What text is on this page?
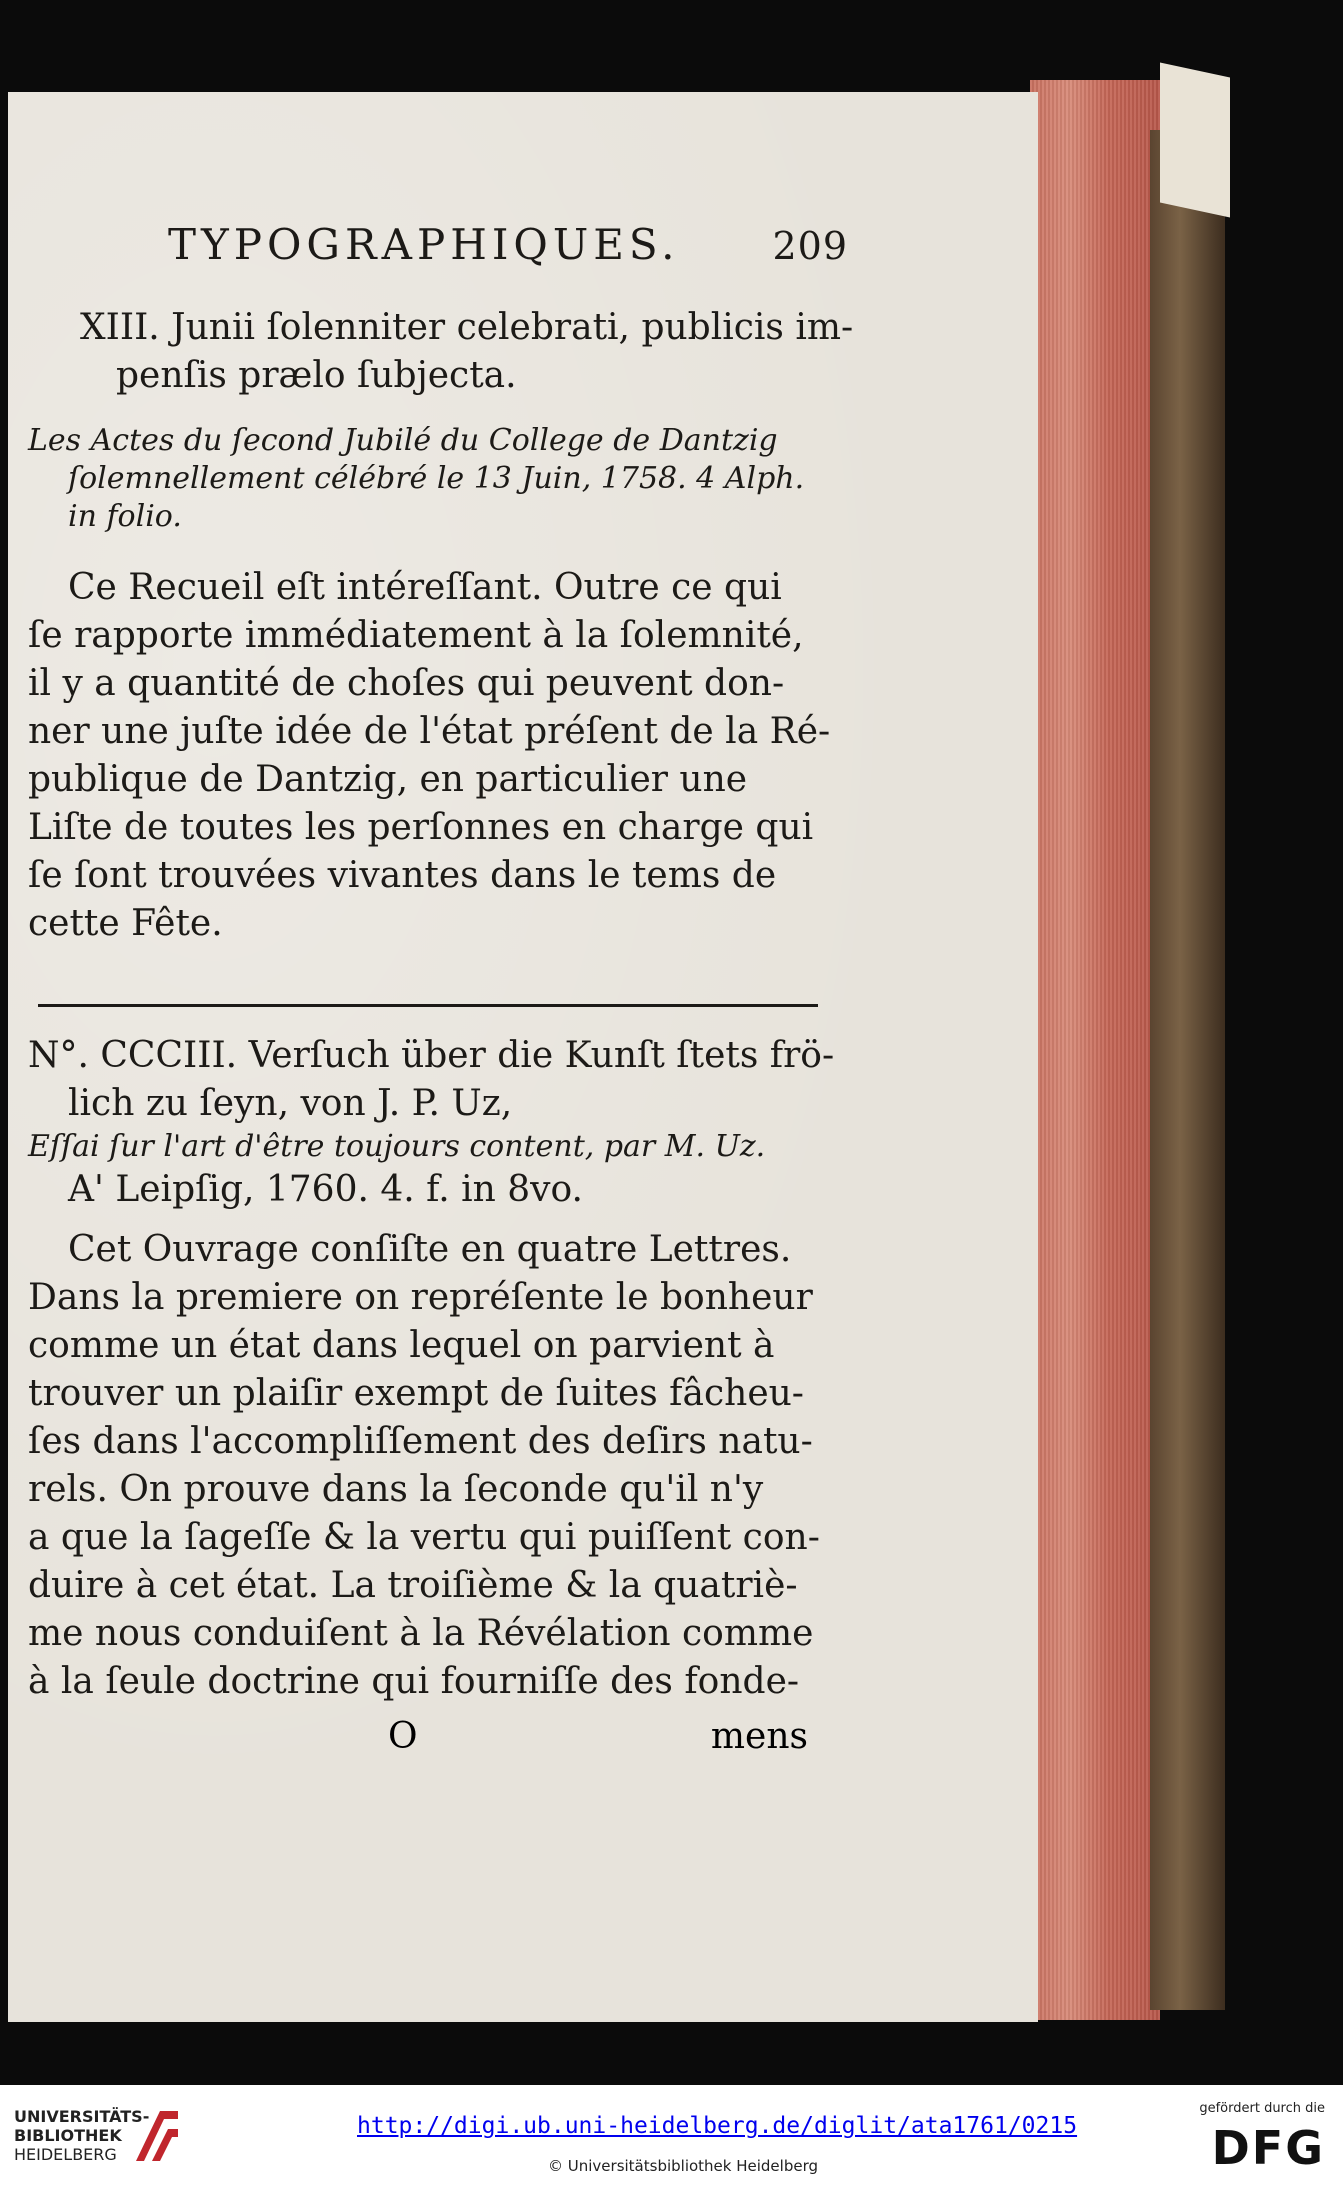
TYPOGRAPHIQUES. 209
XIII. Junii ſolenniter celebrati, publicis im-
penſis prælo ſubjecta.
Les Actes du ſecond Jubilé du College de Dantzig
ſolemnellement célébré le 13 Juin, 1758. 4 Alph.
in folio.
Ce Recueil eſt intéreſſant. Outre ce qui
ſe rapporte immédiatement à la ſolemnité,
il y a quantité de choſes qui peuvent don-
ner une juſte idée de l'état préſent de la Ré-
publique de Dantzig, en particulier une
Liſte de toutes les perſonnes en charge qui
ſe ſont trouvées vivantes dans le tems de
cette Fête.
N°. CCCIII. Verſuch über die Kunſt ſtets frö-
lich zu ſeyn, von J. P. Uz,
Eſſai ſur l'art d'être toujours content, par M. Uz.
A' Leipſig, 1760. 4. f. in 8vo.
Cet Ouvrage conſiſte en quatre Lettres.
Dans la premiere on repréſente le bonheur
comme un état dans lequel on parvient à
trouver un plaiſir exempt de ſuites fâcheu-
ſes dans l'accompliſſement des deſirs natu-
rels. On prouve dans la ſeconde qu'il n'y
a que la ſageſſe & la vertu qui puiſſent con-
duire à cet état. La troiſième & la quatriè-
me nous conduiſent à la Révélation comme
à la ſeule doctrine qui fourniſſe des fonde-
O	mens
UNIVERSITÄTS-
BIBLIOTHEK
HEIDELBERG
http://digi.ub.uni-heidelberg.de/diglit/ata1761/0215
© Universitätsbibliothek Heidelberg
gefördert durch die
DFG
